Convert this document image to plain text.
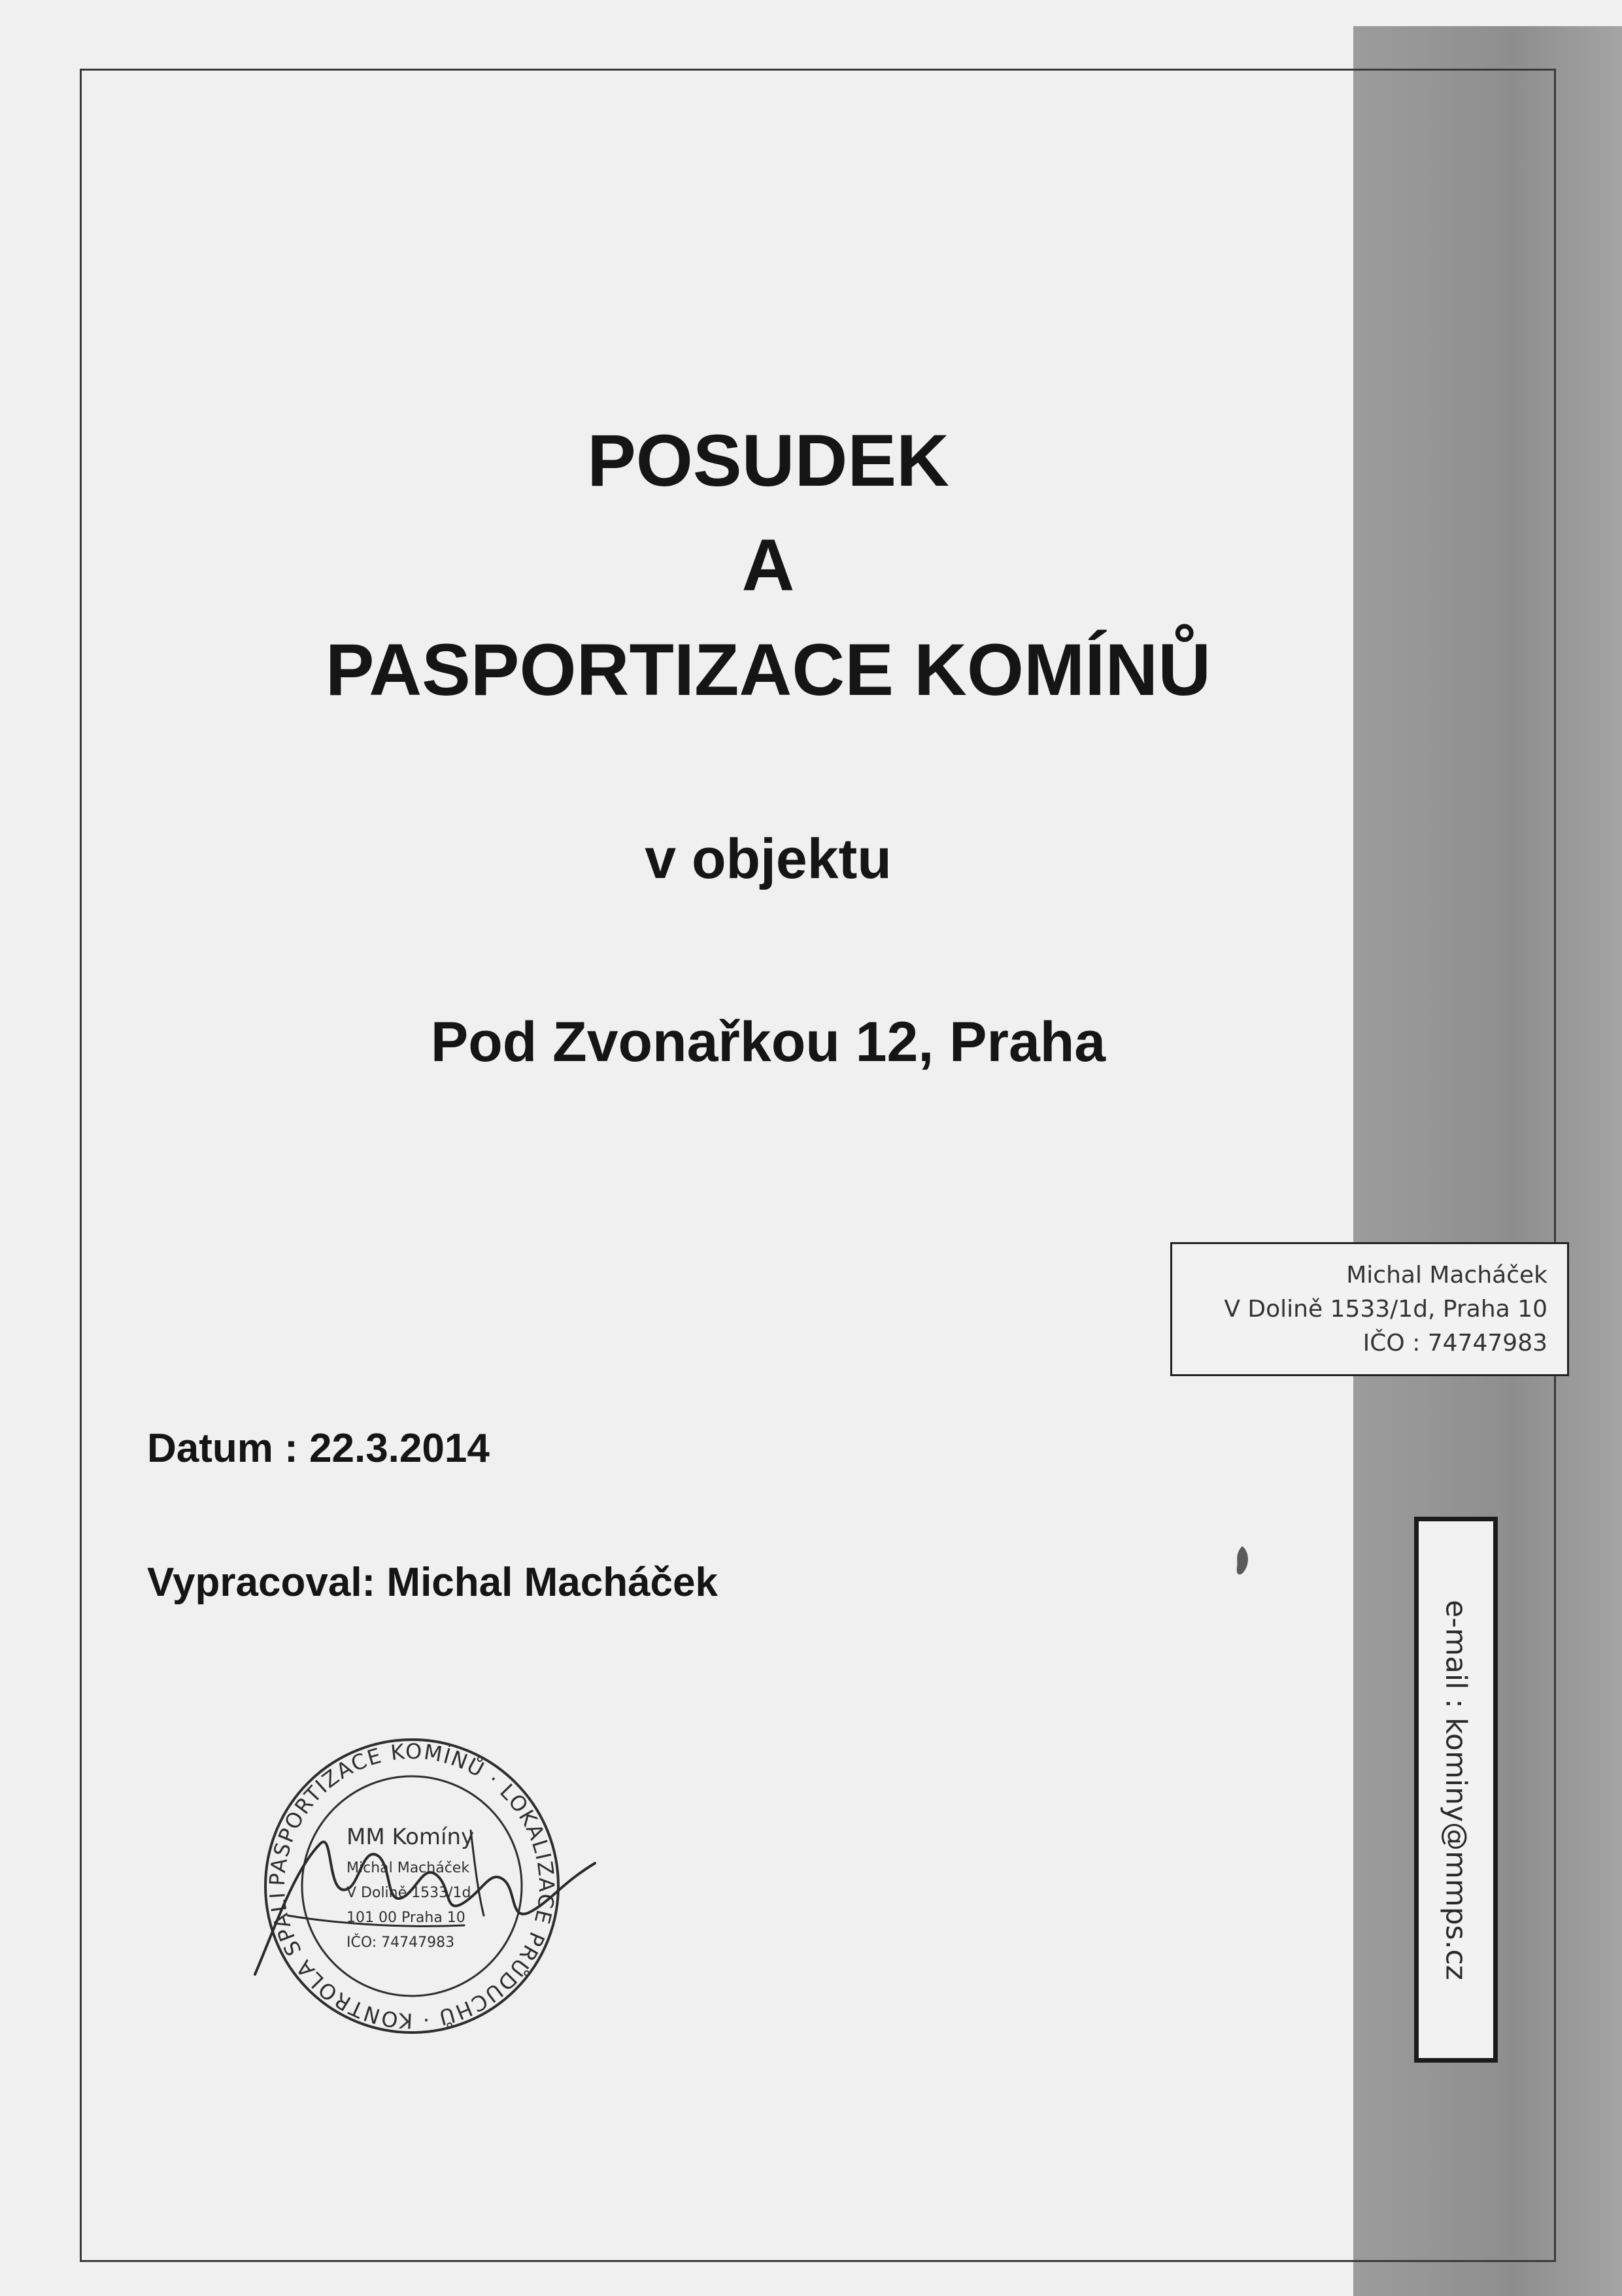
POSUDEK
A
PASPORTIZACE KOMÍNŮ
v objektu
Pod Zvonařkou 12, Praha
Michal Macháček
V Dolině 1533/1d, Praha 10
IČO : 74747983

Datum : 22.3.2014

Vypracoval: Michal Macháček

e-mail : kominy@mmps.cz
PASPORTIZACE KOMÍNŮ · LOKALIZACE PRŮDUCHŮ · KONTROLA SPALI

MM Komíny

Michal Macháček

V Dolině 1533/1d

101 00 Praha 10

IČO: 74747983
